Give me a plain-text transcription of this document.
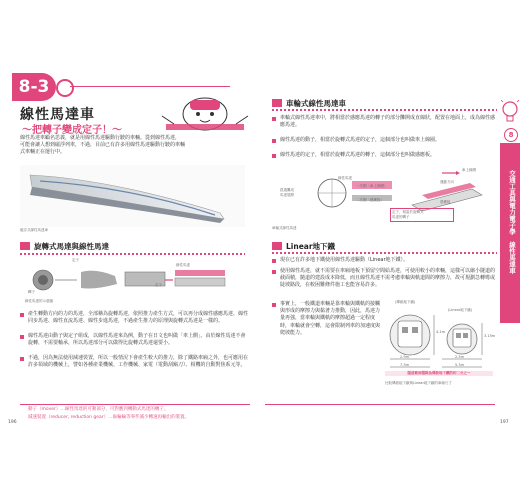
8-3
線性馬達車
～把轉子變成定子！～
線性馬達車顧名思義，就是用線性馬達驅動行駛的車輛。從到線性馬達，
可能會讓人想到磁浮列車，不過，目前已有許多用線性馬達驅動行駛的車輛
式車輛正在運行中。
磁浮式線性馬達車
旋轉式馬達與線性馬達
定子
轉子
定子
線性馬達
線性馬達的示意圖
產生轉動方向的力的馬達，全部稱為旋轉馬達，依照推力產生方式，可以再分成線性感應馬達、線性同步馬達、線性直流馬達、線性步進馬達，不過產生推力的原理與旋轉式馬達是一樣的。
線性馬達由動子與定子組成，以線性馬達來為例，動子在日文也叫做「車上側」。由於線性馬達不會旋轉，不需要軸承，所以馬達部分可以做得比旋轉式馬達還要小。
不過，因為無法使用減速裝置，所以一般情況下會產生較大的推力，除了鐵路車廂之外，也可應用在許多領域的機械上，譬如各種產業機械、工作機械、家電（電動刮鬍刀）、相機的自動對焦系元等。
動子（mover）…線性馬達的可動部分，可對應到轉動式馬達的轉子。
減速裝置（reducer, reduction gear）…齒輪輪等零件減少轉速再輸出的裝置。
196
車輪式線性馬達車
車輪式線性馬達車中，將相當於感應馬達的轉子的部分攤開成直線狀，配置在地面上，成為線性感應馬達。
線性馬達的動子，相當於旋轉式馬達的定子，這個部分也叫做車上線圈。
線性馬達的定子，相當於旋轉式馬達的轉子，這個部分也叫做感應板。
經過攤成
馬達展開
線性馬達
一次側（車上線圈）
二次側（感應板）
車上線圈
運動方向
感應板
定子，相當於旋轉式
馬達的轉子
車輪式線性馬達
Linear地下鐵
現在已有許多地下鐵使用線性馬達驅動（Linear地下鐵）。
使用線性馬達，就不需要在車廂地板下預留空間給馬達，可使用較小的車輛，這樣可以縮小隧道的截面積，隨道的建設成本降低，而且線性馬達不需考慮車輪與軌道間的摩擦力，故可規劃急轉彎或陡坡路段，在較困難條件施工也能容易許多。
事實上，一般鐵道車輛是靠車輪與鐵軌的接觸與形成的摩擦力與黏著力推動，因此，馬達力量再強，當車輪與鐵軌的摩擦超過一定程度時，車輪就會空轉，這會限制列車的加速度與爬坡能力。
(傳統地下鐵)
(Linear地下鐵)
4.1m
3.15m
2.9m	2.5m
7.3m	5.3m
隧道截面積降為傳統地下鐵的約二分之一
比較傳統地下鐵與Linear地下鐵的車廂尺寸
197
8
交通工具與電力電子學　線性馬達車
